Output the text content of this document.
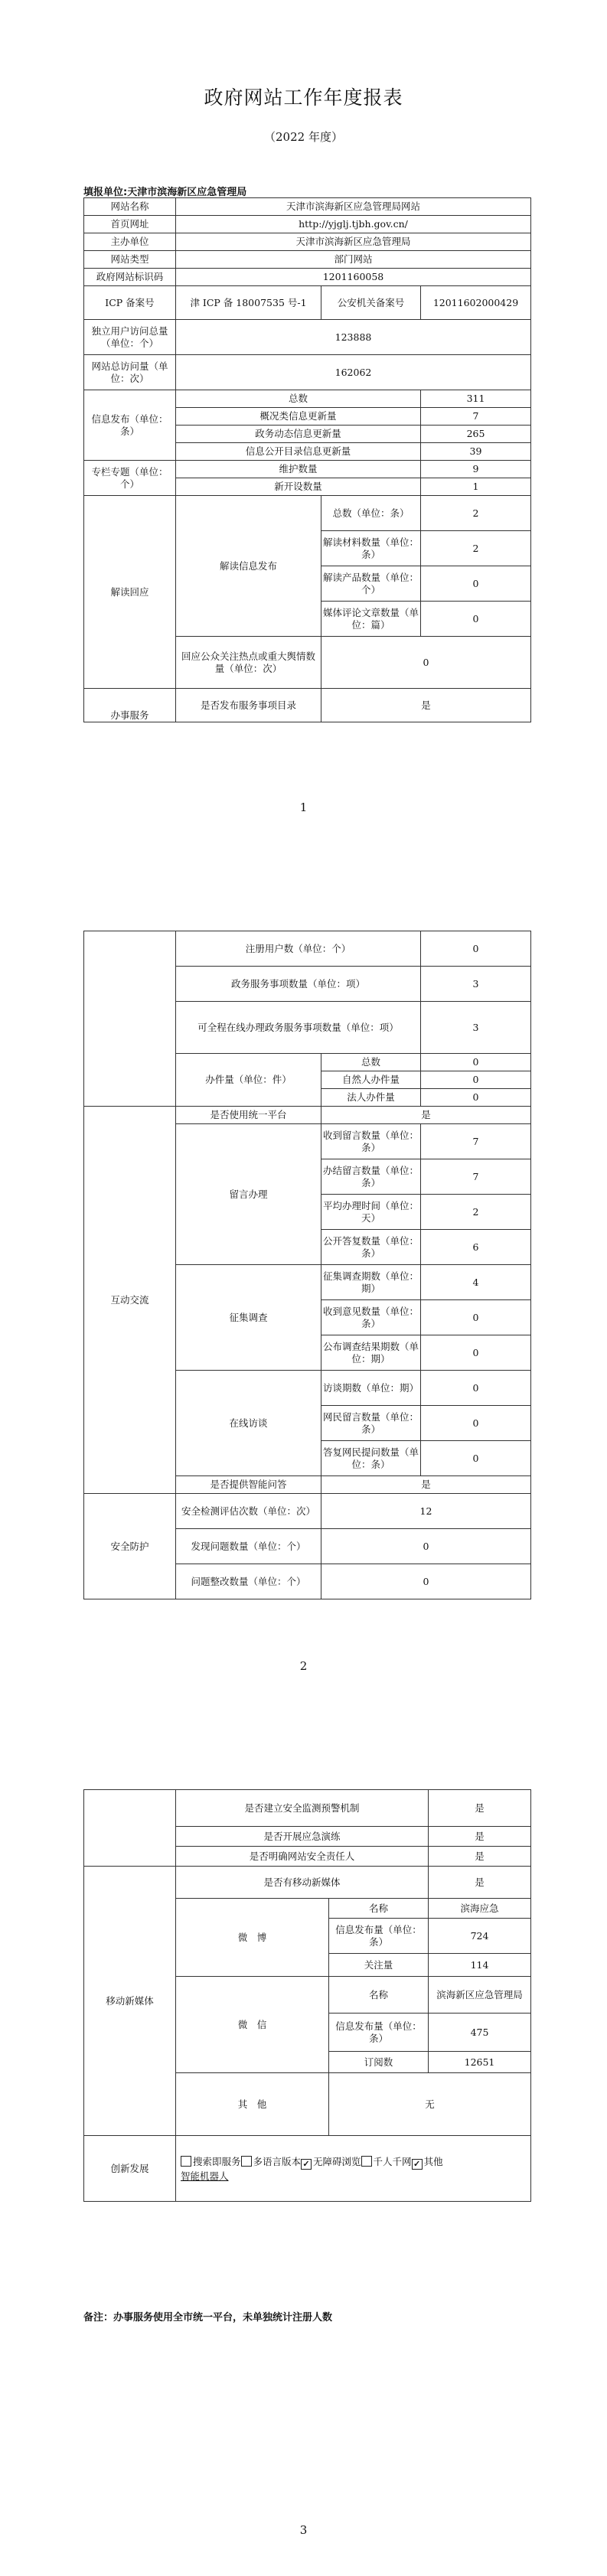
政府网站工作年度报表
（2022 年度）
填报单位:天津市滨海新区应急管理局
网站名称	天津市滨海新区应急管理局网站		
首页网址	http://yjglj.tjbh.gov.cn/		
主办单位	天津市滨海新区应急管理局		
网站类型	部门网站		
政府网站标识码	1201160058		
ICP 备案号	津 ICP 备 18007535 号-1	公安机关备案号	12011602000429
独立用户访问总量（单位：个）	123888		
网站总访问量（单位：次）	162062		
信息发布（单位：条）	总数		311
	概况类信息更新量		7
	政务动态信息更新量		265
	信息公开目录信息更新量		39
专栏专题（单位：个）	维护数量		9
	新开设数量		1
解读回应	解读信息发布	总数（单位：条）	2
		解读材料数量（单位：条）	2
		解读产品数量（单位：个）	0
		媒体评论文章数量（单位：篇）	0
	回应公众关注热点或重大舆情数量（单位：次）	0	
办事服务	是否发布服务事项目录	是	
1
	注册用户数（单位：个）		0
	政务服务事项数量（单位：项）		3
	可全程在线办理政务服务事项数量（单位：项）		3
	办件量（单位：件）	总数	0
		自然人办件量	0
		法人办件量	0
互动交流	是否使用统一平台	是	
	留言办理	收到留言数量（单位：条）	7
		办结留言数量（单位：条）	7
		平均办理时间（单位：天）	2
		公开答复数量（单位：条）	6
	征集调查	征集调查期数（单位：期）	4
		收到意见数量（单位：条）	0
		公布调查结果期数（单位：期）	0
	在线访谈	访谈期数（单位：期）	0
		网民留言数量（单位：条）	0
		答复网民提问数量（单位：条）	0
	是否提供智能问答	是	
安全防护	安全检测评估次数（单位：次）	12	
	发现问题数量（单位：个）	0	
	问题整改数量（单位：个）	0	
2
	是否建立安全监测预警机制		是
	是否开展应急演练		是
	是否明确网站安全责任人		是
移动新媒体	是否有移动新媒体		是
	微　博	名称	滨海应急
		信息发布量（单位：条）	724
		关注量	114
	微　信	名称	滨海新区应急管理局
		信息发布量（单位：条）	475
		订阅数	12651
	其　他	无	
创新发展	搜索即服务 多语言版本 ✓ 无障碍浏览 千人千网 ✓ 其他
智能机器人		
备注：办事服务使用全市统一平台，未单独统计注册人数
3
